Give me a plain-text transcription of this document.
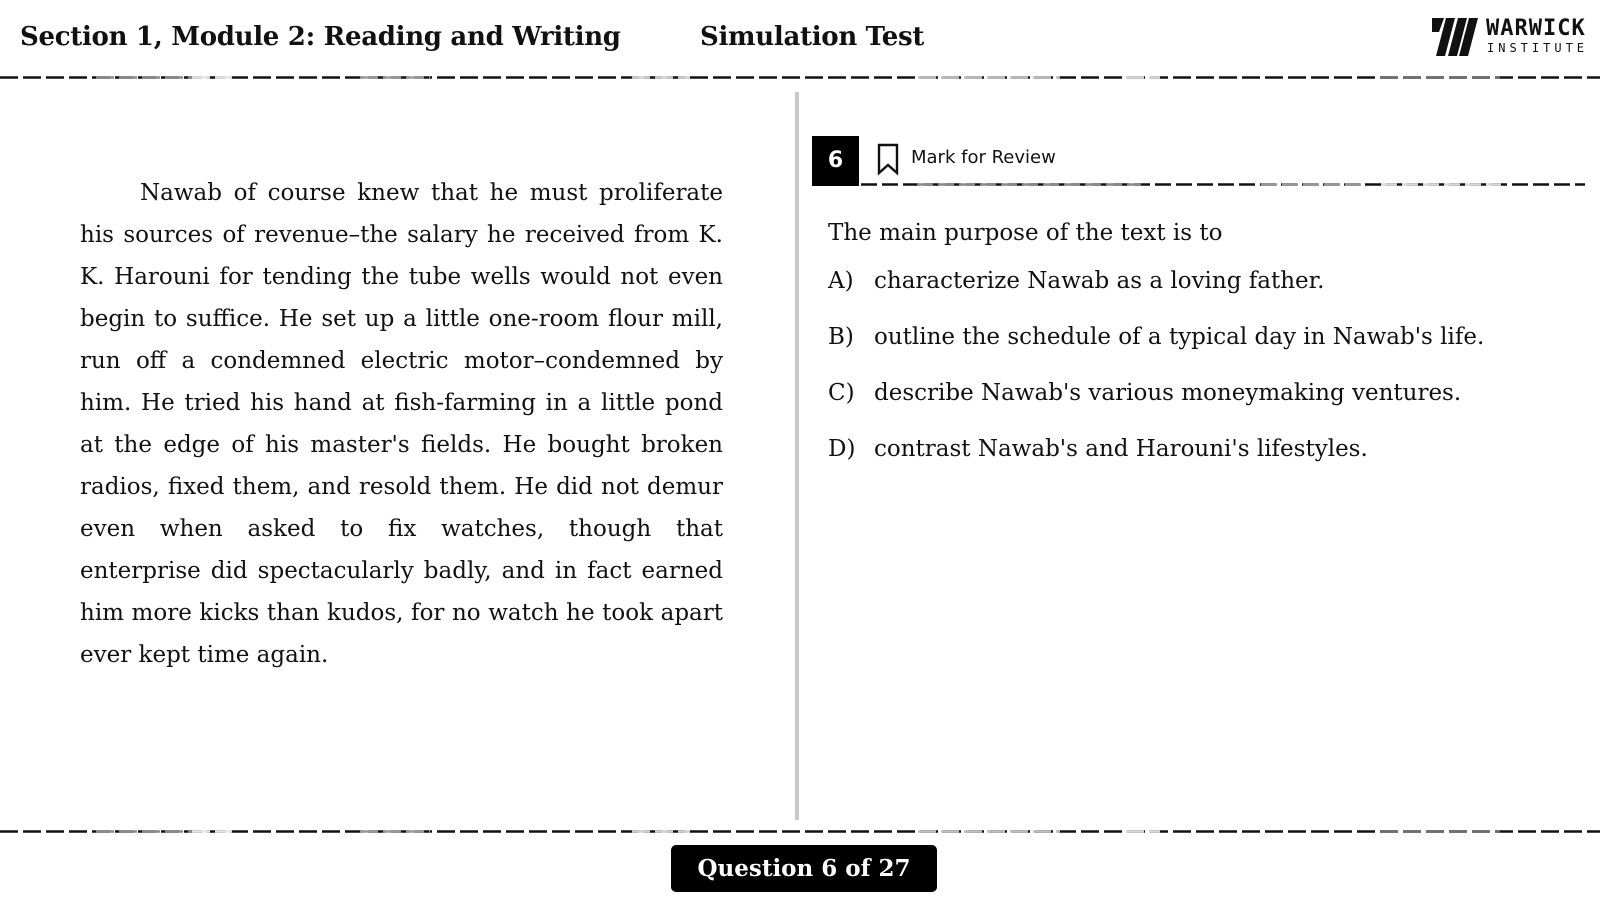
Section 1, Module 2: Reading and Writing	Simulation Test	WARWICK
INSTITUTE

Nawab of course knew that he must proliferate his sources of revenue–the salary he received from K. K. Harouni for tending the tube wells would not even begin to suffice. He set up a little one-room flour mill, run off a condemned electric motor–condemned by him. He tried his hand at fish-farming in a little pond at the edge of his master's fields. He bought broken radios, fixed them, and resold them. He did not demur even when asked to fix watches, though that enterprise did spectacularly badly, and in fact earned him more kicks than kudos, for no watch he took apart ever kept time again.

6	Mark for Review
The main purpose of the text is to
A) characterize Nawab as a loving father.
B) outline the schedule of a typical day in Nawab's life.
C) describe Nawab's various moneymaking ventures.
D) contrast Nawab's and Harouni's lifestyles.
Question 6 of 27
